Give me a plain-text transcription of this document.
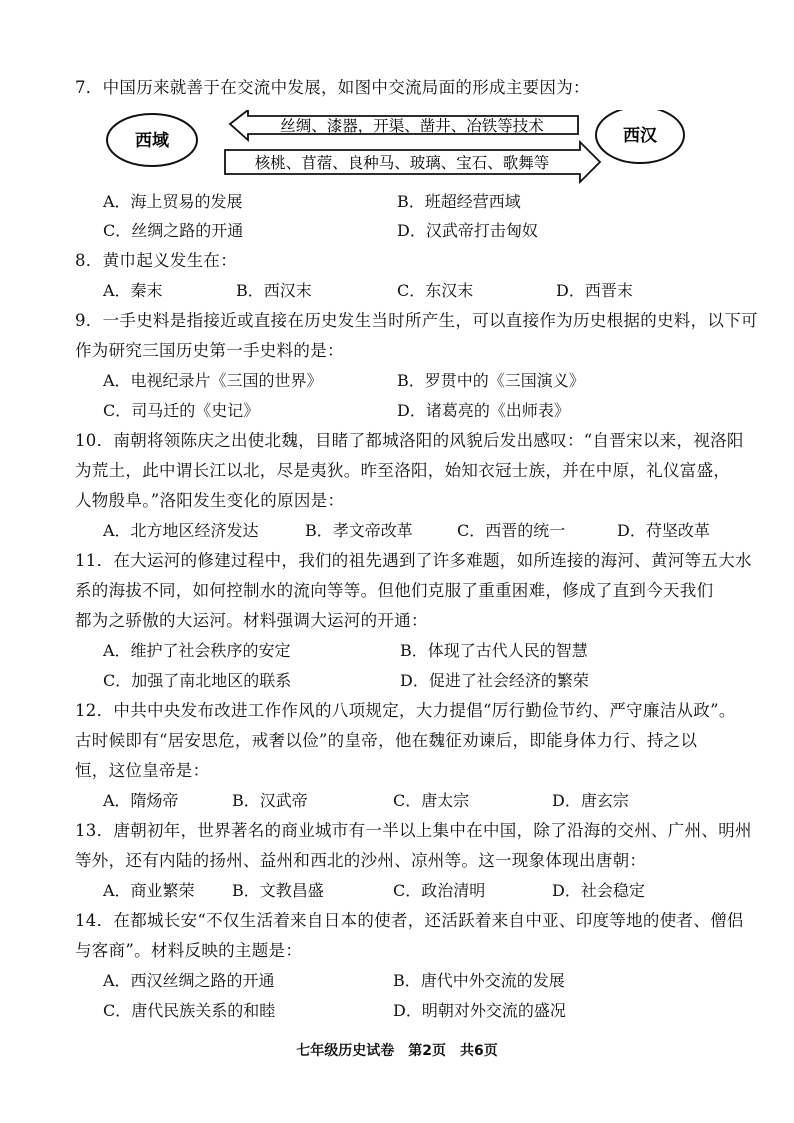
7．中国历来就善于在交流中发展，如图中交流局面的形成主要因为：
西域	西汉
丝绸、漆器，开渠、凿井、冶铁等技术
核桃、苜蓿、良种马、玻璃、宝石、歌舞等
A．海上贸易的发展	B．班超经营西域
C．丝绸之路的开通	D．汉武帝打击匈奴
8．黄巾起义发生在：
A．秦末	B．西汉末	C．东汉末	D．西晋末
9．一手史料是指接近或直接在历史发生当时所产生，可以直接作为历史根据的史料，以下可
作为研究三国历史第一手史料的是：
A．电视纪录片《三国的世界》	B．罗贯中的《三国演义》
C．司马迁的《史记》	D．诸葛亮的《出师表》
10．南朝将领陈庆之出使北魏，目睹了都城洛阳的风貌后发出感叹：“自晋宋以来，视洛阳
为荒土，此中谓长江以北，尽是夷狄。昨至洛阳，始知衣冠士族，并在中原，礼仪富盛，
人物殷阜。”洛阳发生变化的原因是：
A．北方地区经济发达	B．孝文帝改革	C．西晋的统一	D．苻坚改革
11．在大运河的修建过程中，我们的祖先遇到了许多难题，如所连接的海河、黄河等五大水
系的海拔不同，如何控制水的流向等等。但他们克服了重重困难，修成了直到今天我们
都为之骄傲的大运河。材料强调大运河的开通：
A．维护了社会秩序的安定	B．体现了古代人民的智慧
C．加强了南北地区的联系	D．促进了社会经济的繁荣
12．中共中央发布改进工作作风的八项规定，大力提倡“厉行勤俭节约、严守廉洁从政”。
古时候即有“居安思危，戒奢以俭”的皇帝，他在魏征劝谏后，即能身体力行、持之以
恒，这位皇帝是：
A．隋炀帝	B．汉武帝	C．唐太宗	D．唐玄宗
13．唐朝初年，世界著名的商业城市有一半以上集中在中国，除了沿海的交州、广州、明州
等外，还有内陆的扬州、益州和西北的沙州、凉州等。这一现象体现出唐朝：
A．商业繁荣 B．文教昌盛	C．政治清明	D．社会稳定
14．在都城长安“不仅生活着来自日本的使者，还活跃着来自中亚、印度等地的使者、僧侣
与客商”。材料反映的主题是：
A．西汉丝绸之路的开通	B．唐代中外交流的发展
C．唐代民族关系的和睦	D．明朝对外交流的盛况
七年级历史试卷　第2页　共6页
